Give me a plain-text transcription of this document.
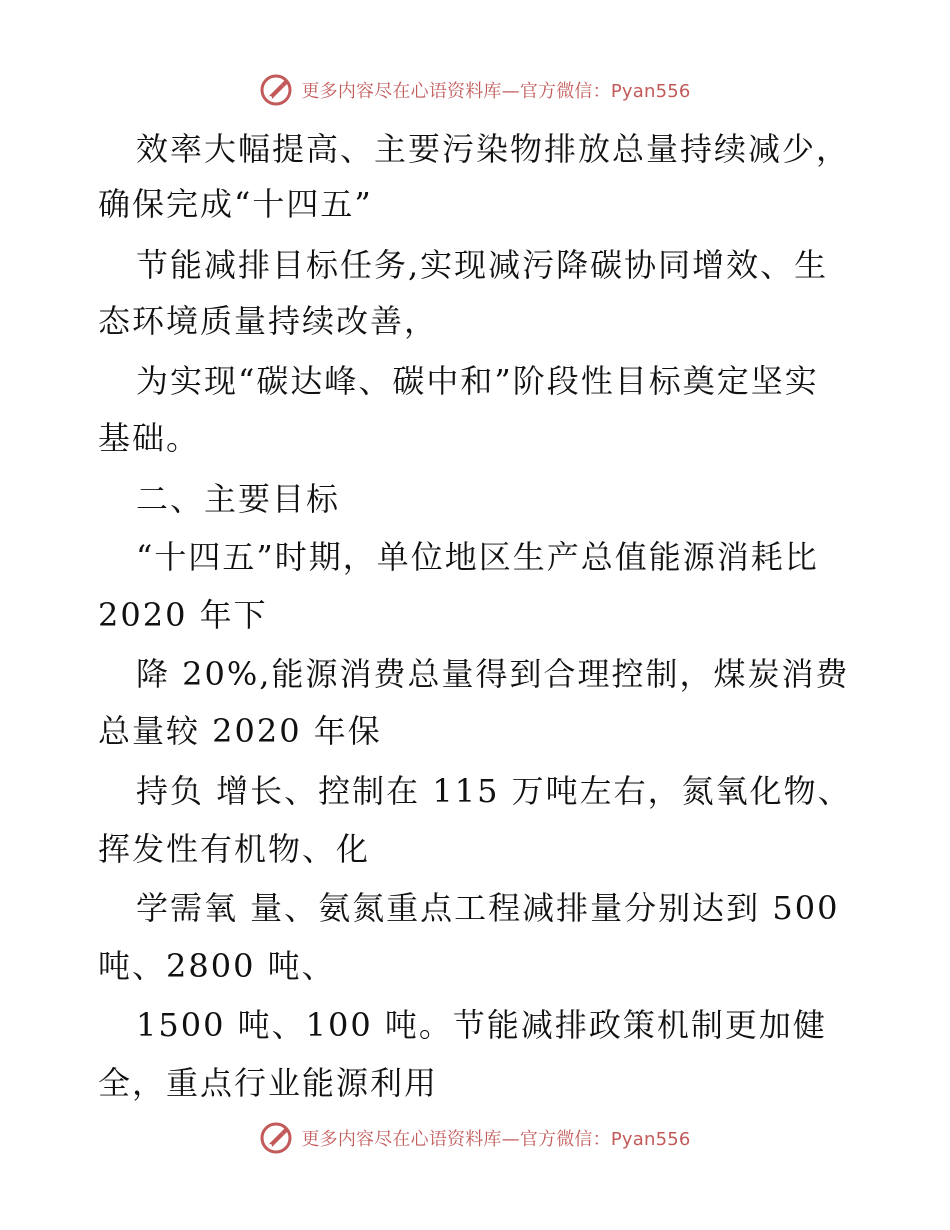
更多内容尽在心语资料库—官方微信：Pyan556
效率大幅提高、主要污染物排放总量持续减少，
确保完成“十四五”
节能减排目标任务,实现减污降碳协同增效、生
态环境质量持续改善，
为实现“碳达峰、碳中和”阶段性目标奠定坚实
基础。
二、主要目标
“十四五”时期，单位地区生产总值能源消耗比
2020 年下
降 20%,能源消费总量得到合理控制，煤炭消费
总量较 2020 年保
持负 增长、控制在 115 万吨左右，氮氧化物、
挥发性有机物、化
学需氧 量、氨氮重点工程减排量分别达到 500
吨、2800 吨、
1500 吨、100 吨。节能减排政策机制更加健
全，重点行业能源利用
更多内容尽在心语资料库—官方微信：Pyan556
